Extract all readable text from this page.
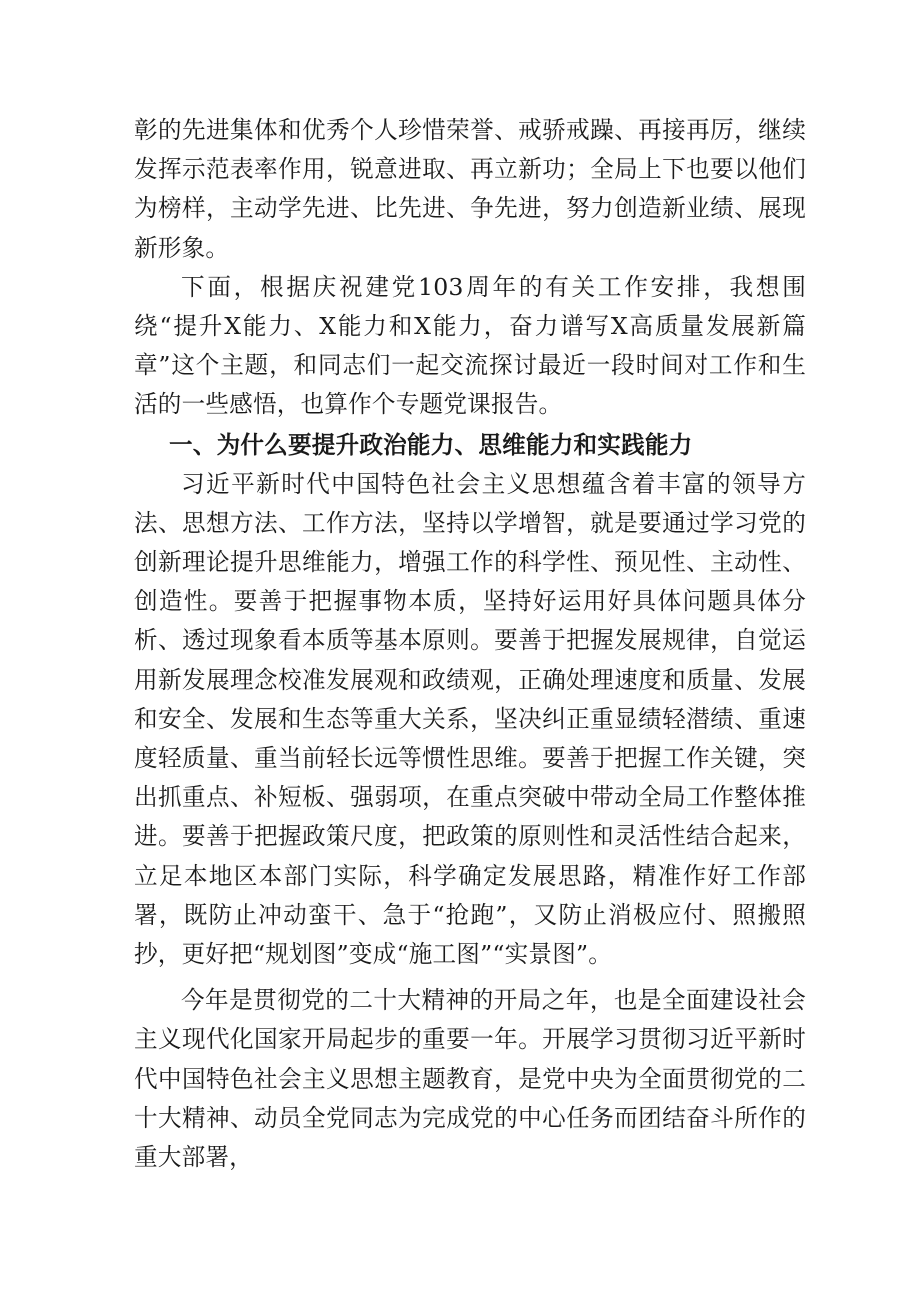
彰的先进集体和优秀个人珍惜荣誉、戒骄戒躁、再接再厉，继续发挥示范表率作用，锐意进取、再立新功；全局上下也要以他们为榜样，主动学先进、比先进、争先进，努力创造新业绩、展现新形象。

下面，根据庆祝建党103周年的有关工作安排，我想围绕“提升X能力、X能力和X能力，奋力谱写X高质量发展新篇章”这个主题，和同志们一起交流探讨最近一段时间对工作和生活的一些感悟，也算作个专题党课报告。

一、为什么要提升政治能力、思维能力和实践能力

习近平新时代中国特色社会主义思想蕴含着丰富的领导方法、思想方法、工作方法，坚持以学增智，就是要通过学习党的创新理论提升思维能力，增强工作的科学性、预见性、主动性、创造性。要善于把握事物本质，坚持好运用好具体问题具体分析、透过现象看本质等基本原则。要善于把握发展规律，自觉运用新发展理念校准发展观和政绩观，正确处理速度和质量、发展和安全、发展和生态等重大关系，坚决纠正重显绩轻潜绩、重速度轻质量、重当前轻长远等惯性思维。要善于把握工作关键，突出抓重点、补短板、强弱项，在重点突破中带动全局工作整体推进。要善于把握政策尺度，把政策的原则性和灵活性结合起来，立足本地区本部门实际，科学确定发展思路，精准作好工作部署，既防止冲动蛮干、急于“抢跑”，又防止消极应付、照搬照抄，更好把“规划图”变成“施工图”“实景图”。

今年是贯彻党的二十大精神的开局之年，也是全面建设社会主义现代化国家开局起步的重要一年。开展学习贯彻习近平新时代中国特色社会主义思想主题教育，是党中央为全面贯彻党的二十大精神、动员全党同志为完成党的中心任务而团结奋斗所作的重大部署，
